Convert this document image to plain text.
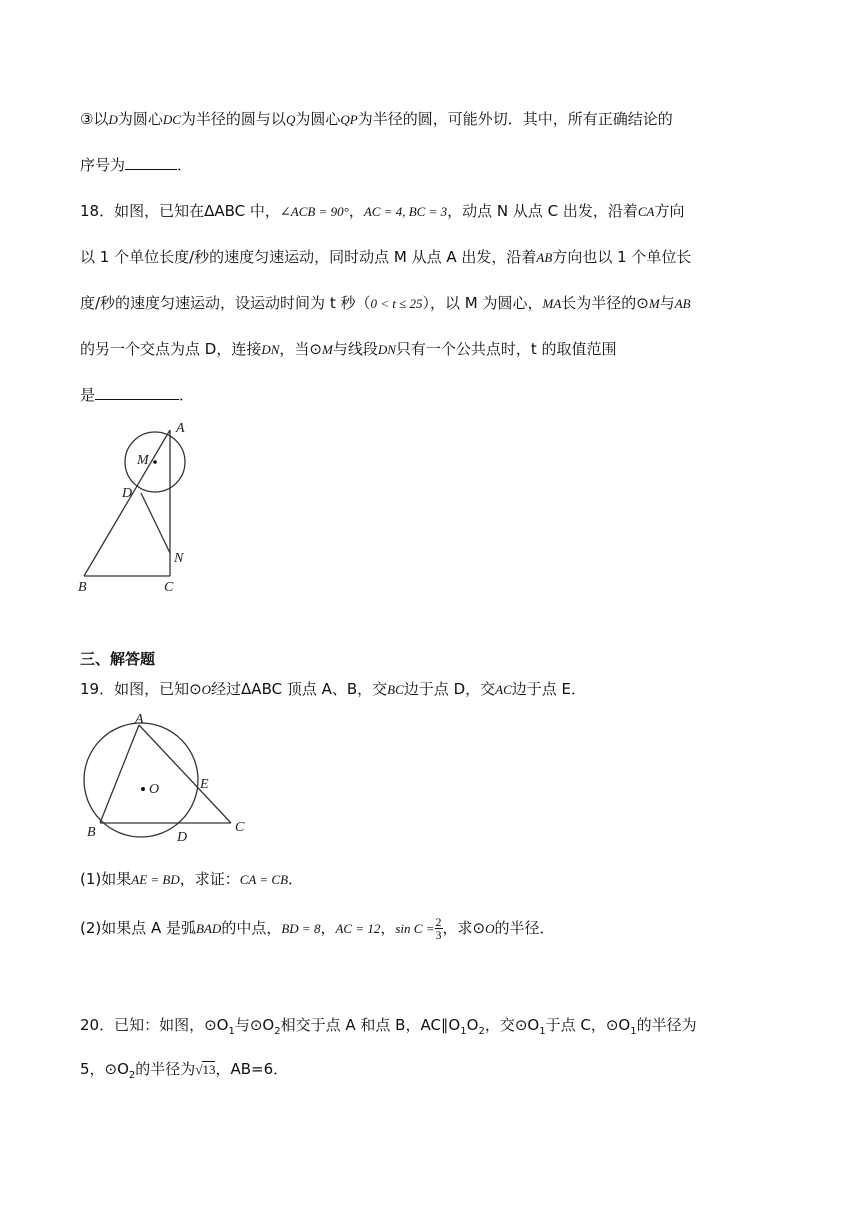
③以D为圆心DC为半径的圆与以Q为圆心QP为半径的圆，可能外切．其中，所有正确结论的
序号为	．
18．如图，已知在ΔABC 中，∠ACB = 90°，AC = 4, BC = 3，动点 N 从点 C 出发，沿着CA方向
以 1 个单位长度/秒的速度匀速运动，同时动点 M 从点 A 出发，沿着AB方向也以 1 个单位长
度/秒的速度匀速运动，设运动时间为 t 秒（0 < t ≤ 25），以 M 为圆心，MA长为半径的⊙M与AB
的另一个交点为点 D，连接DN，当⊙M与线段DN只有一个公共点时，t 的取值范围
是	．
A
M
D
N
B	C
三、解答题
19．如图，已知⊙O经过ΔABC 顶点 A、B，交BC边于点 D，交AC边于点 E．
A
O	E
B	D
C
(1)如果AE = BD，求证：CA = CB．
(2)如果点 A 是弧BAD的中点，BD = 8，AC = 12，$\sin C = \frac{2}{3}$ ，求⊙O的半径．
20．已知：如图，$⊙O_1$与$⊙O_2$相交于点 A 和点 B，$AC\parallel O_1O_2$，交$⊙O_1$于点 C，$⊙O_1$的半径为
5，$⊙O_2$的半径为√13，AB=6．
